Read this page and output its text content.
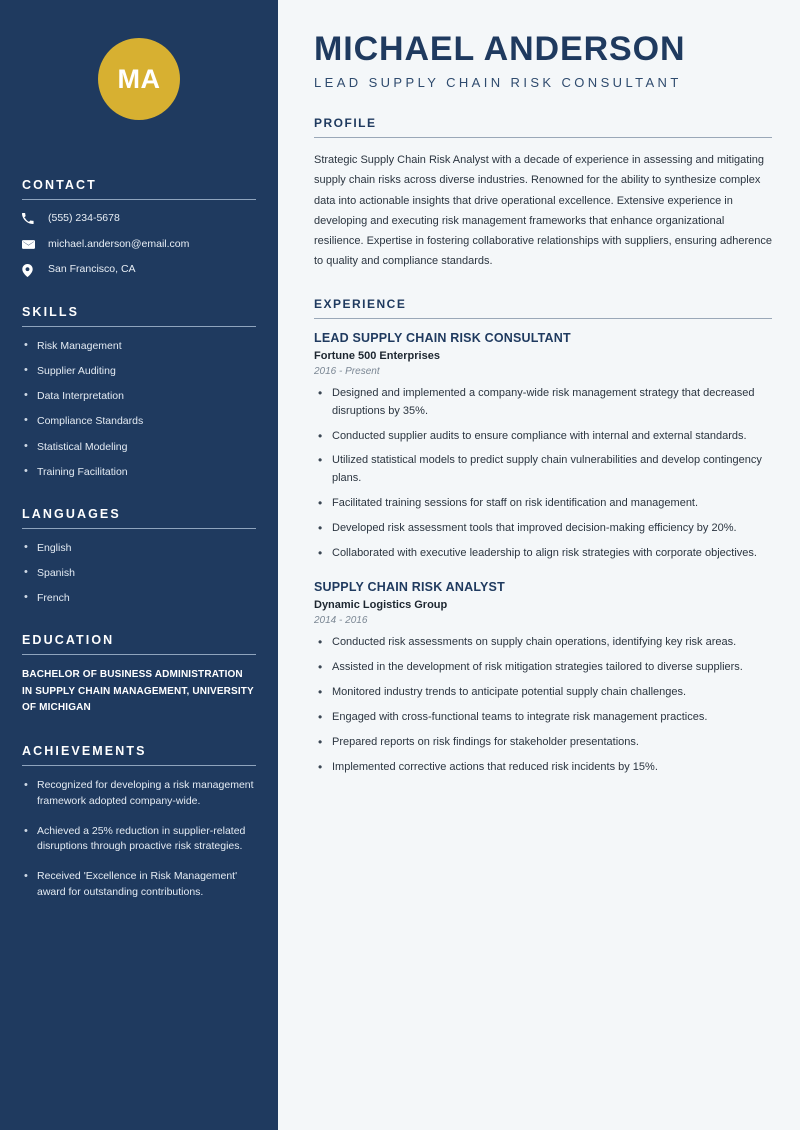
MA
CONTACT
(555) 234-5678
michael.anderson@email.com
San Francisco, CA
SKILLS
• Risk Management
• Supplier Auditing
• Data Interpretation
• Compliance Standards
• Statistical Modeling
• Training Facilitation
LANGUAGES
• English
• Spanish
• French
EDUCATION
BACHELOR OF BUSINESS ADMINISTRATION IN SUPPLY CHAIN MANAGEMENT, UNIVERSITY OF MICHIGAN
ACHIEVEMENTS
• Recognized for developing a risk management framework adopted company-wide.
• Achieved a 25% reduction in supplier-related disruptions through proactive risk strategies.
• Received 'Excellence in Risk Management' award for outstanding contributions.
MICHAEL ANDERSON
LEAD SUPPLY CHAIN RISK CONSULTANT
PROFILE

Strategic Supply Chain Risk Analyst with a decade of experience in assessing and mitigating supply chain risks across diverse industries. Renowned for the ability to synthesize complex data into actionable insights that drive operational excellence. Extensive experience in developing and executing risk management frameworks that enhance organizational resilience. Expertise in fostering collaborative relationships with suppliers, ensuring adherence to quality and compliance standards.

EXPERIENCE
LEAD SUPPLY CHAIN RISK CONSULTANT
Fortune 500 Enterprises
2016 - Present
• Designed and implemented a company-wide risk management strategy that decreased disruptions by 35%.
• Conducted supplier audits to ensure compliance with internal and external standards.
• Utilized statistical models to predict supply chain vulnerabilities and develop contingency plans.
• Facilitated training sessions for staff on risk identification and management.
• Developed risk assessment tools that improved decision-making efficiency by 20%.
• Collaborated with executive leadership to align risk strategies with corporate objectives.
SUPPLY CHAIN RISK ANALYST
Dynamic Logistics Group
2014 - 2016
• Conducted risk assessments on supply chain operations, identifying key risk areas.
• Assisted in the development of risk mitigation strategies tailored to diverse suppliers.
• Monitored industry trends to anticipate potential supply chain challenges.
• Engaged with cross-functional teams to integrate risk management practices.
• Prepared reports on risk findings for stakeholder presentations.
• Implemented corrective actions that reduced risk incidents by 15%.
